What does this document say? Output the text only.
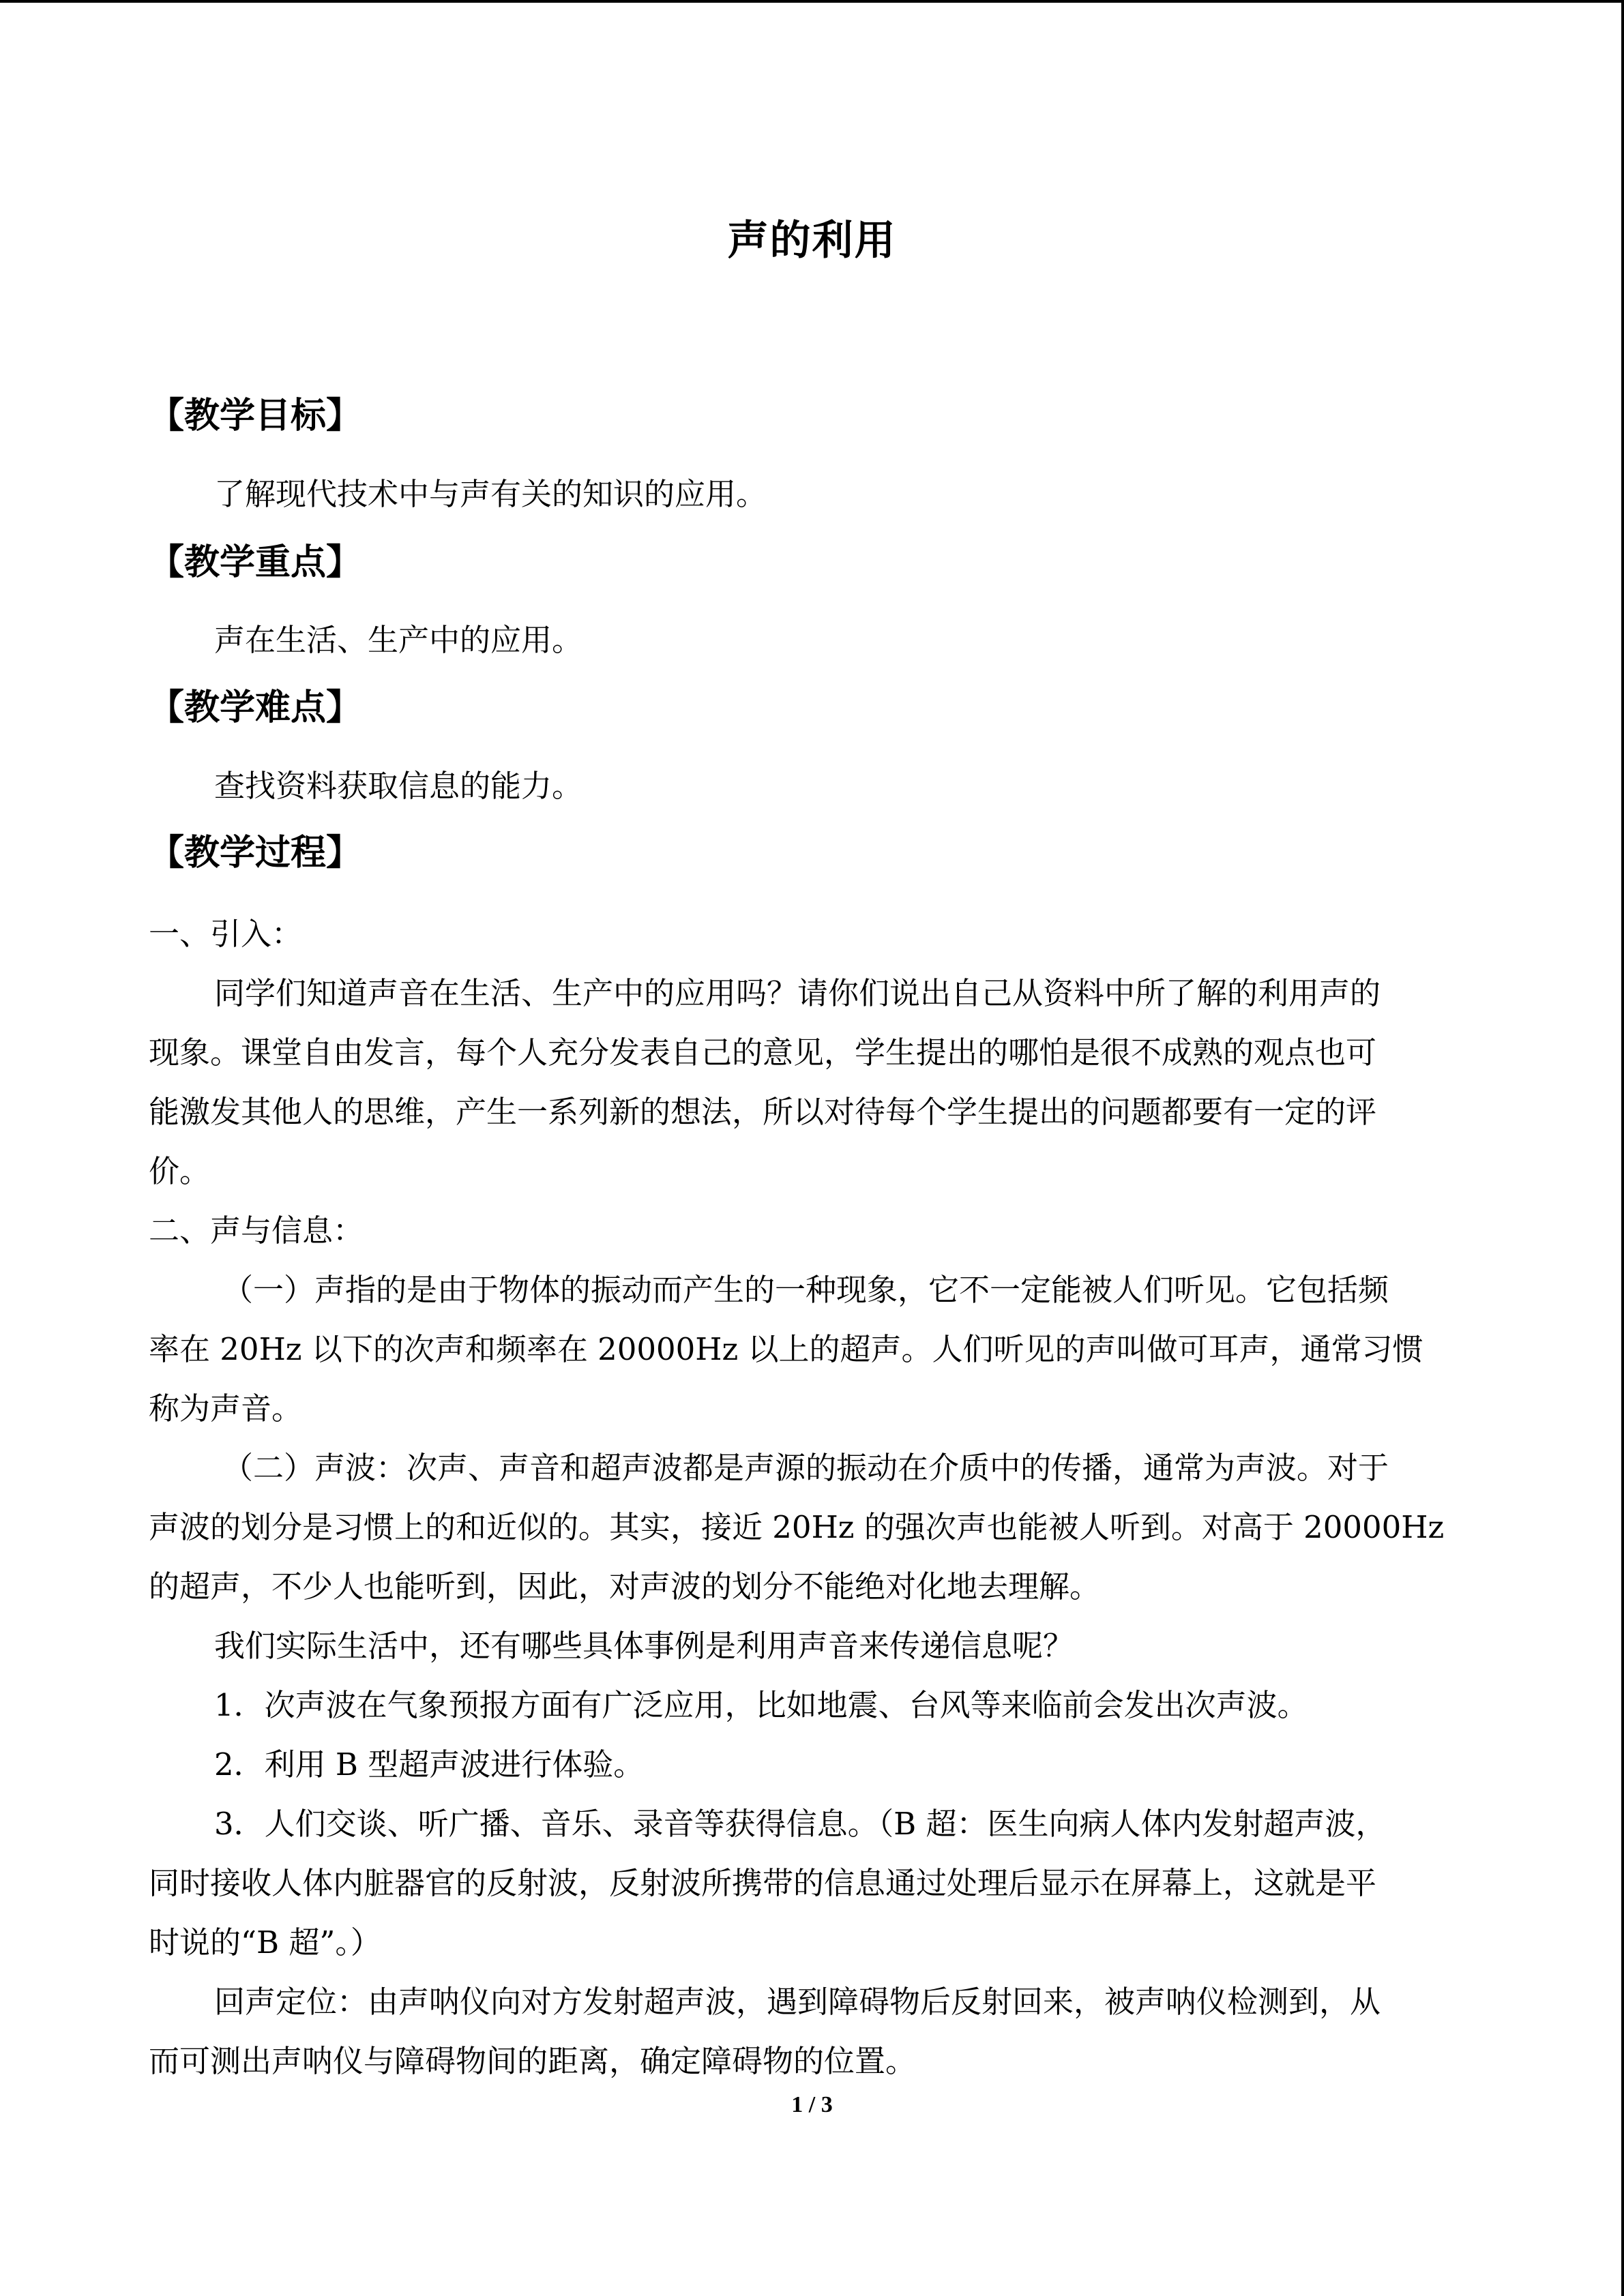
声的利用
【教学目标】
了解现代技术中与声有关的知识的应用。
【教学重点】
声在生活、生产中的应用。
【教学难点】
查找资料获取信息的能力。
【教学过程】
一、引入：
同学们知道声音在生活、生产中的应用吗？请你们说出自己从资料中所了解的利用声的
现象。课堂自由发言，每个人充分发表自己的意见，学生提出的哪怕是很不成熟的观点也可
能激发其他人的思维，产生一系列新的想法，所以对待每个学生提出的问题都要有一定的评
价。
二、声与信息：
（一）声指的是由于物体的振动而产生的一种现象，它不一定能被人们听见。它包括频
率在 20Hz 以下的次声和频率在 20000Hz 以上的超声。人们听见的声叫做可耳声，通常习惯
称为声音。
（二）声波：次声、声音和超声波都是声源的振动在介质中的传播，通常为声波。对于
声波的划分是习惯上的和近似的。其实，接近 20Hz 的强次声也能被人听到。对高于 20000Hz
的超声，不少人也能听到，因此，对声波的划分不能绝对化地去理解。
我们实际生活中，还有哪些具体事例是利用声音来传递信息呢？
1．次声波在气象预报方面有广泛应用，比如地震、台风等来临前会发出次声波。
2．利用 B 型超声波进行体验。
3．人们交谈、听广播、音乐、录音等获得信息。（B 超：医生向病人体内发射超声波，
同时接收人体内脏器官的反射波，反射波所携带的信息通过处理后显示在屏幕上，这就是平
时说的“B 超”。）
回声定位：由声呐仪向对方发射超声波，遇到障碍物后反射回来，被声呐仪检测到，从
而可测出声呐仪与障碍物间的距离，确定障碍物的位置。
1 / 3
